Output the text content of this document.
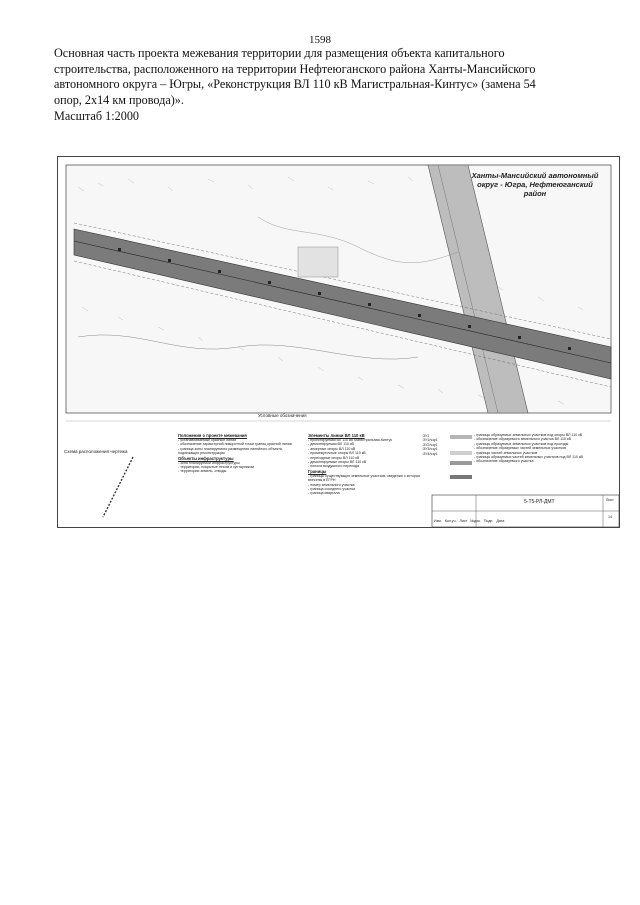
1598

Основная часть проекта межевания территории для размещения объекта капитального

строительства, расположенного на территории Нефтеюганского района Ханты-Мансийского

автономного округа – Югры, «Реконструкция ВЛ 110 кВ Магистральная-Кинтус» (замена 54

опор, 2х14 км провода)».

Масштаб 1:2000
Ханты-Мансийский автономный округ - Югра, Нефтеюганский район
Условные обозначения
Схема расположения чертежа
Положения о проекте межевания
- устанавливаемые красные линии
- обозначение характерной поворотной точки границ красной линии
- граница зоны планируемого размещения линейного объекта, подлежащих реконструкции
Объекты инфраструктуры
- зона планируемой инфраструктуры
- территории, покрытые лесом и кустарником
- территории земель, отводы
Элементы линии ВЛ 110 кВ
- проектируемая ВЛ 110 кВ Магистральная-Кинтус
- демонтируемая ВЛ 110 кВ
- анкерные опоры ВЛ 110 кВ
- промежуточные опоры ВЛ 110 кВ
- переходные опоры ВЛ 110 кВ
- демонтируемые опоры ВЛ 110 кВ
- полоса воздушного перехода
Границы
- границы существующих земельных участков, сведения о которых внесены в ЕГРН
- номер земельного участка
- граница соседнего участка
- граница квартала
- границы образуемых земельных участков под опоры ВЛ 110 кВ
- обозначение образуемого земельного участка ВЛ 110 кВ
- границы образуемых земельных участков под проезды
- обозначение образуемых частей земельных участков
- границы частей земельных участков
- границы образуемых частей земельных участков под ВЛ 110 кВ
- обозначение образуемого участка
:ЗУ1
:ЗУ1/чзу1
:ЗУ2/чзу1
:ЗУ3/чзу1
:ЗУ4/чзу1
5-Т5-РЛ-ДМТ	Лист
14
Изм. Кол.уч. Лист №док. Подп. Дата
